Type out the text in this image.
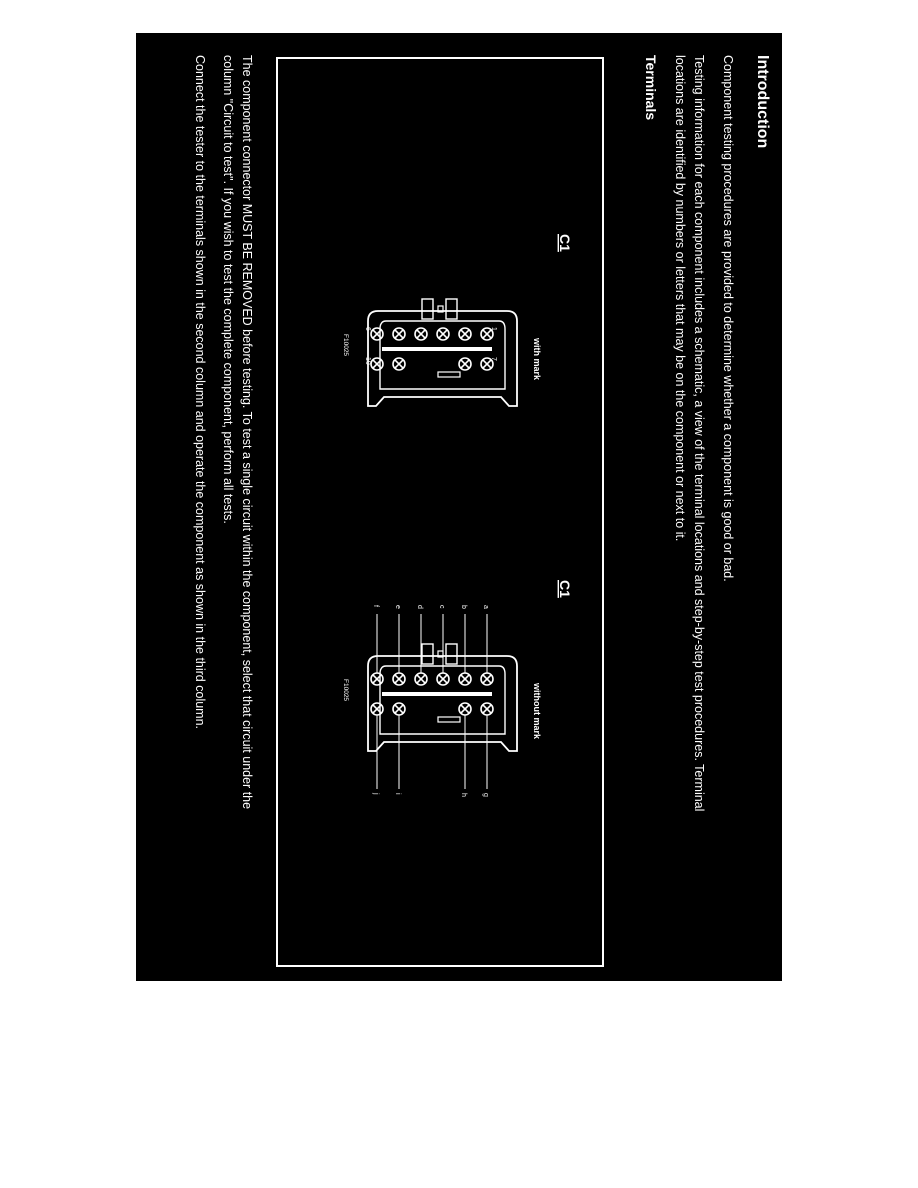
Introduction
Component testing procedures are provided to determine whether a component is good or bad.
Testing information for each component includes a schematic, a view of the terminal locations and step-by-step test procedures. Terminal
locations are identified by numbers or letters that may be on the component or next to it.
Terminals
C1
with mark
1
6
7
10
F10025
C1
without mark
a
b
c
d
e
f
g
h
i
j
F10025
The component connector MUST BE REMOVED before testing. To test a single circuit within the component, select that circuit under the
column "Circuit to test". If you wish to test the complete component, perform all tests.
Connect the tester to the terminals shown in the second column and operate the component as shown in the third column.
